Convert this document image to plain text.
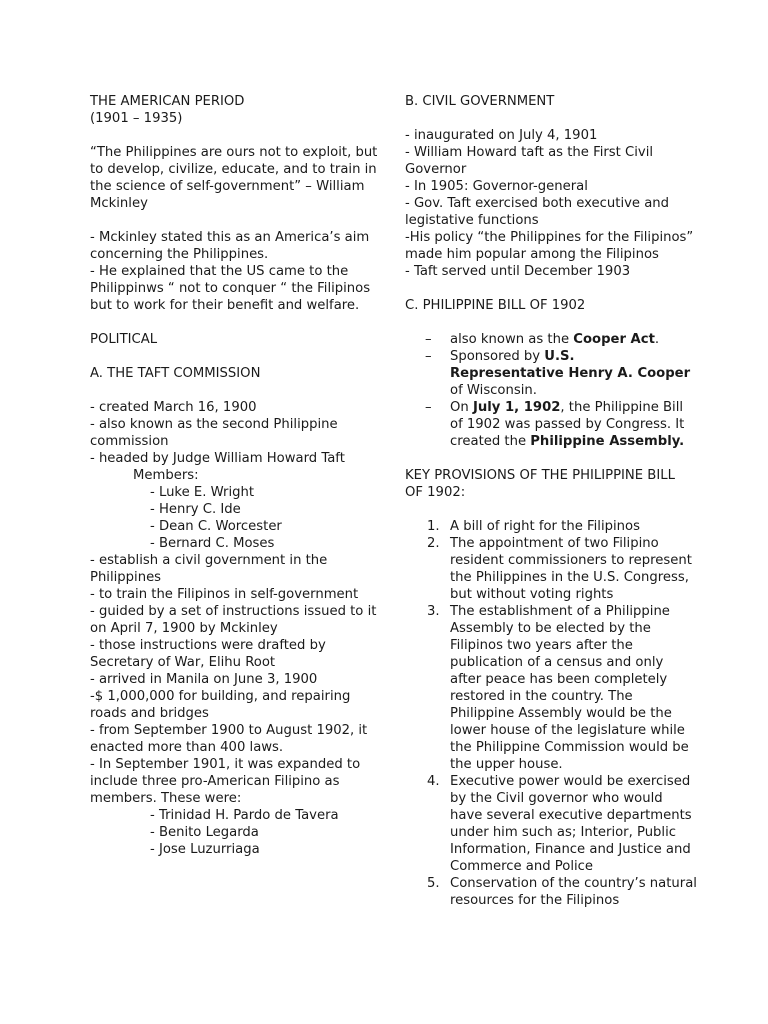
THE AMERICAN PERIOD
(1901 – 1935)
“The Philippines are ours not to exploit, but
to develop, civilize, educate, and to train in
the science of self-government” – William
Mckinley
- Mckinley stated this as an America’s aim
concerning the Philippines.
- He explained that the US came to the
Philippinws “ not to conquer “ the Filipinos
but to work for their benefit and welfare.
POLITICAL
A. THE TAFT COMMISSION
- created March 16, 1900
- also known as the second Philippine
commission
- headed by Judge William Howard Taft
Members:
- Luke E. Wright
- Henry C. Ide
- Dean C. Worcester
- Bernard C. Moses
- establish a civil government in the
Philippines
- to train the Filipinos in self-government
- guided by a set of instructions issued to it
on April 7, 1900 by Mckinley
- those instructions were drafted by
Secretary of War, Elihu Root
- arrived in Manila on June 3, 1900
-$ 1,000,000 for building, and repairing
roads and bridges
- from September 1900 to August 1902, it
enacted more than 400 laws.
- In September 1901, it was expanded to
include three pro-American Filipino as
members. These were:
- Trinidad H. Pardo de Tavera
- Benito Legarda
- Jose Luzurriaga
B. CIVIL GOVERNMENT
- inaugurated on July 4, 1901
- William Howard taft as the First Civil
Governor
- In 1905: Governor-general
- Gov. Taft exercised both executive and
legistative functions
-His policy “the Philippines for the Filipinos”
made him popular among the Filipinos
- Taft served until December 1903
C. PHILIPPINE BILL OF 1902
– also known as the Cooper Act.
– Sponsored by U.S.
Representative Henry A. Cooper
of Wisconsin.
– On July 1, 1902, the Philippine Bill
of 1902 was passed by Congress. It
created the Philippine Assembly.
KEY PROVISIONS OF THE PHILIPPINE BILL
OF 1902:
1. A bill of right for the Filipinos
2. The appointment of two Filipino
resident commissioners to represent
the Philippines in the U.S. Congress,
but without voting rights
3. The establishment of a Philippine
Assembly to be elected by the
Filipinos two years after the
publication of a census and only
after peace has been completely
restored in the country. The
Philippine Assembly would be the
lower house of the legislature while
the Philippine Commission would be
the upper house.
4. Executive power would be exercised
by the Civil governor who would
have several executive departments
under him such as; Interior, Public
Information, Finance and Justice and
Commerce and Police
5. Conservation of the country’s natural
resources for the Filipinos
